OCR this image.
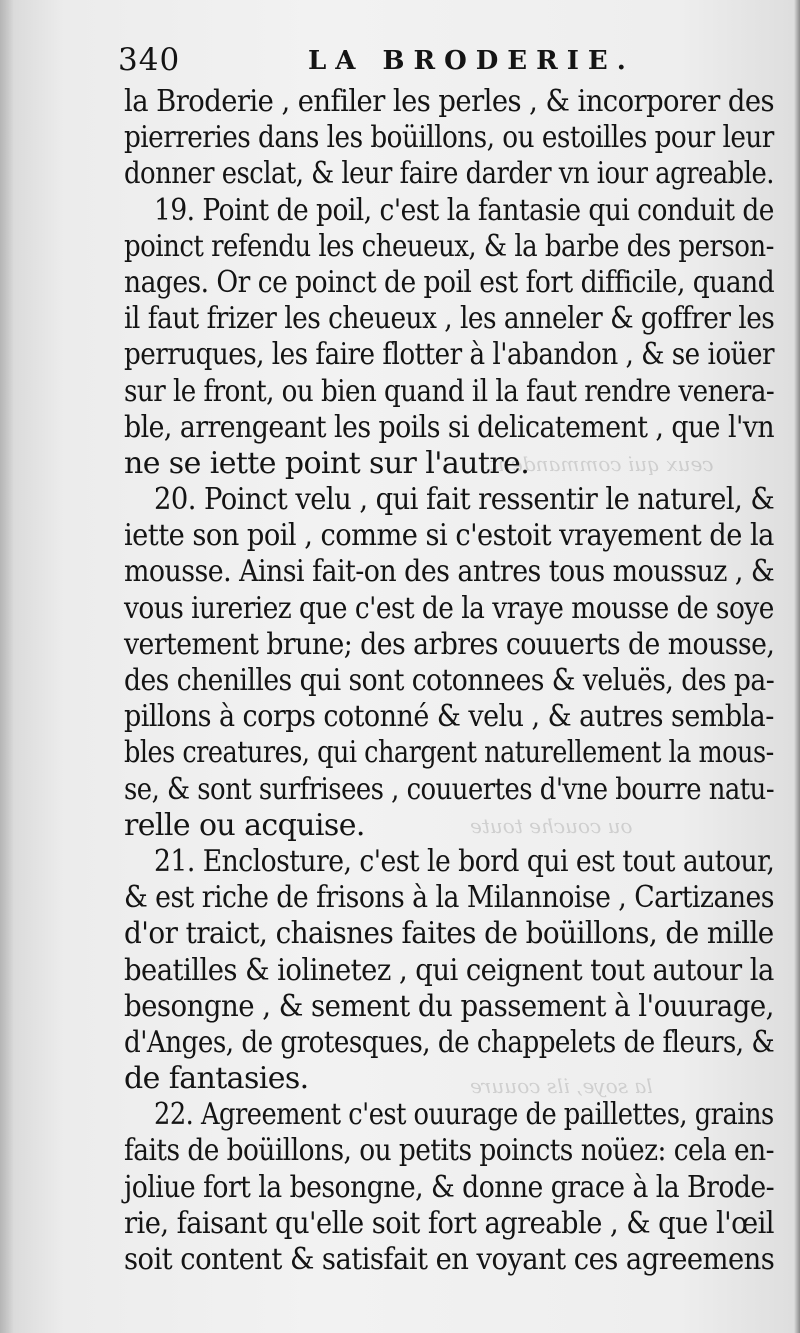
ceux qui commandent
ou couche toute
la soye, ils couure
340	LA BRODERIE.
la Broderie , enfiler les perles , & incorporer des
pierreries dans les boüillons, ou estoilles pour leur
donner esclat, & leur faire darder vn iour agreable.
19. Point de poil, c'est la fantasie qui conduit de
poinct refendu les cheueux, & la barbe des person-
nages. Or ce poinct de poil est fort difficile, quand
il faut frizer les cheueux , les anneler & goffrer les
perruques, les faire flotter à l'abandon , & se ioüer
sur le front, ou bien quand il la faut rendre venera-
ble, arrengeant les poils si delicatement , que l'vn
ne se iette point sur l'autre.
20. Poinct velu , qui fait ressentir le naturel, &
iette son poil , comme si c'estoit vrayement de la
mousse. Ainsi fait-on des antres tous moussuz , &
vous iureriez que c'est de la vraye mousse de soye
vertement brune; des arbres couuerts de mousse,
des chenilles qui sont cotonnees & veluës, des pa-
pillons à corps cotonné & velu , & autres sembla-
bles creatures, qui chargent naturellement la mous-
se, & sont surfrisees , couuertes d'vne bourre natu-
relle ou acquise.
21. Enclosture, c'est le bord qui est tout autour,
& est riche de frisons à la Milannoise , Cartizanes
d'or traict, chaisnes faites de boüillons, de mille
beatilles & iolinetez , qui ceignent tout autour la
besongne , & sement du passement à l'ouurage,
d'Anges, de grotesques, de chappelets de fleurs, &
de fantasies.
22. Agreement c'est ouurage de paillettes, grains
faits de boüillons, ou petits poincts noüez: cela en-
joliue fort la besongne, & donne grace à la Brode-
rie, faisant qu'elle soit fort agreable , & que l'œil
soit content & satisfait en voyant ces agreemens
